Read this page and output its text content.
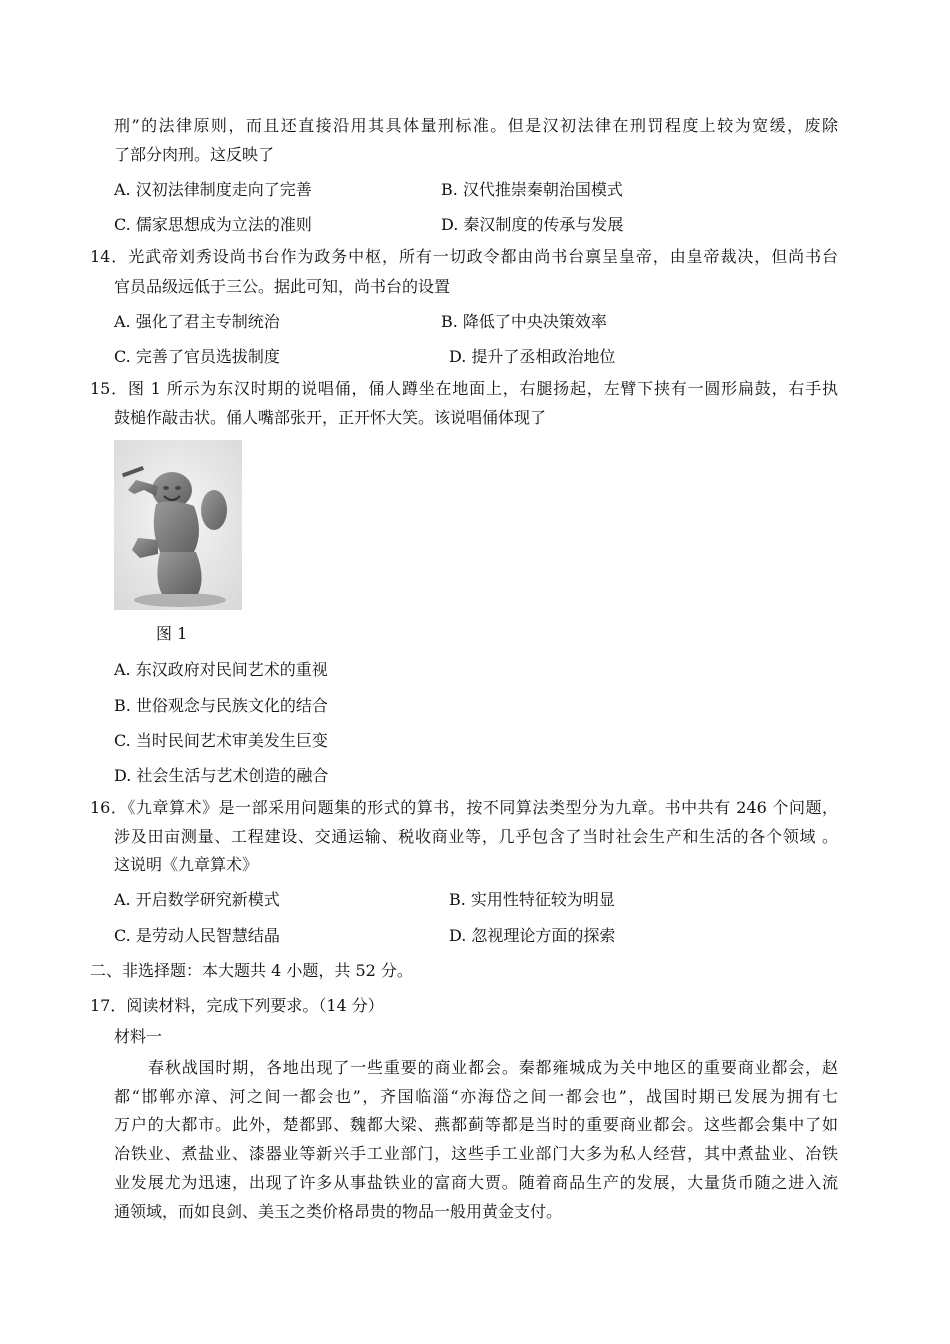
刑”的法律原则，而且还直接沿用其具体量刑标准。但是汉初法律在刑罚程度上较为宽缓，废除
了部分肉刑。这反映了
A. 汉初法律制度走向了完善	B. 汉代推崇秦朝治国模式
C. 儒家思想成为立法的准则	D. 秦汉制度的传承与发展
14．光武帝刘秀设尚书台作为政务中枢，所有一切政令都由尚书台禀呈皇帝，由皇帝裁决，但尚书台
官员品级远低于三公。据此可知，尚书台的设置
A. 强化了君主专制统治	B. 降低了中央决策效率
C. 完善了官员选拔制度	D. 提升了丞相政治地位
15．图 1 所示为东汉时期的说唱俑，俑人蹲坐在地面上，右腿扬起，左臂下挟有一圆形扁鼓，右手执
鼓槌作敲击状。俑人嘴部张开，正开怀大笑。该说唱俑体现了
图 1
A. 东汉政府对民间艺术的重视
B. 世俗观念与民族文化的结合
C. 当时民间艺术审美发生巨变
D. 社会生活与艺术创造的融合
16．《九章算术》是一部采用问题集的形式的算书，按不同算法类型分为九章。书中共有 246 个问题，
涉及田亩测量、工程建设、交通运输、税收商业等，几乎包含了当时社会生产和生活的各个领域 。
这说明《九章算术》
A. 开启数学研究新模式	B. 实用性特征较为明显
C. 是劳动人民智慧结晶	D. 忽视理论方面的探索
二、非选择题：本大题共 4 小题，共 52 分。
17．阅读材料，完成下列要求。（14 分）
材料一
春秋战国时期，各地出现了一些重要的商业都会。秦都雍城成为关中地区的重要商业都会，赵
都“邯郸亦漳、河之间一都会也”，齐国临淄“亦海岱之间一都会也”，战国时期已发展为拥有七
万户的大都市。此外，楚都郢、魏都大梁、燕都蓟等都是当时的重要商业都会。这些都会集中了如
冶铁业、煮盐业、漆器业等新兴手工业部门，这些手工业部门大多为私人经营，其中煮盐业、冶铁
业发展尤为迅速，出现了许多从事盐铁业的富商大贾。随着商品生产的发展，大量货币随之进入流
通领域，而如良剑、美玉之类价格昂贵的物品一般用黄金支付。
